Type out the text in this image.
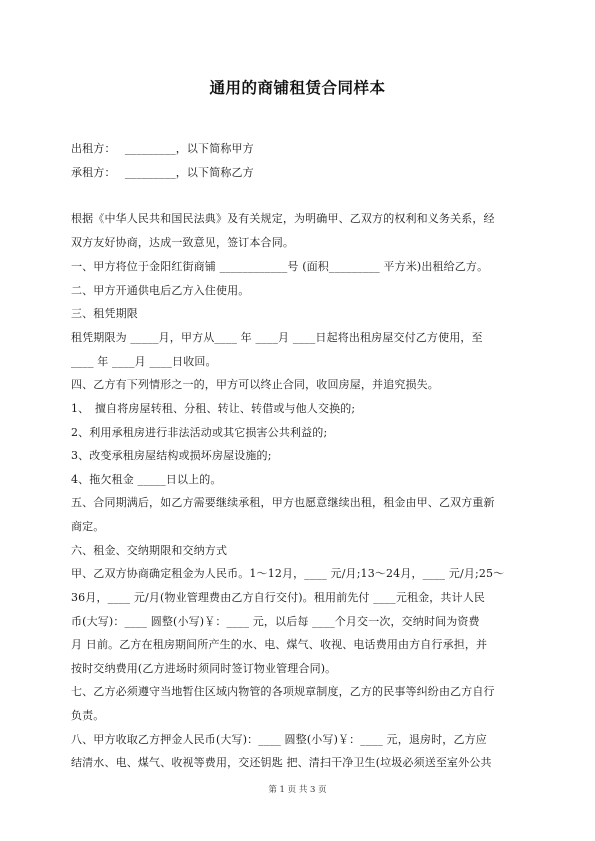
通用的商铺租赁合同样本
出租方：　 _________，以下简称甲方
承租方：　 _________，以下简称乙方
根据《中华人民共和国民法典》及有关规定，为明确甲、乙双方的权利和义务关系，经
双方友好协商，达成一致意见，签订本合同。
一、甲方将位于金阳红街商铺 ____________号 (面积_________ 平方米)出租给乙方。
二、甲方开通供电后乙方入住使用。
三、租凭期限
租凭期限为 _____月，甲方从____ 年 ____月 ____日起将出租房屋交付乙方使用，至
____ 年 ____月 ____日收回。
四、乙方有下列情形之一的，甲方可以终止合同，收回房屋，并追究损失。
1、　擅自将房屋转租、分租、转让、转借或与他人交换的;
2、利用承租房进行非法活动或其它损害公共利益的;
3、改变承租房屋结构或损坏房屋设施的;
4、拖欠租金 _____日以上的。
五、合同期满后，如乙方需要继续承租，甲方也愿意继续出租，租金由甲、乙双方重新
商定。
六、租金、交纳期限和交纳方式
甲、乙双方协商确定租金为人民币。1～12月，____ 元/月;13～24月，____ 元/月;25～
36月，____ 元/月(物业管理费由乙方自行交付)。租用前先付 ____元租金，共计人民
币(大写)：____ 圆整(小写)￥：____ 元，以后每 ____个月交一次，交纳时间为资费
月 日前。乙方在租房期间所产生的水、电、煤气、收视、电话费用由方自行承担，并
按时交纳费用(乙方进场时须同时签订物业管理合同)。
七、乙方必须遵守当地暂住区域内物管的各项规章制度，乙方的民事等纠纷由乙方自行
负责。
八、甲方收取乙方押金人民币(大写)：____ 圆整(小写)￥：____ 元，退房时，乙方应
结清水、电、煤气、收视等费用，交还钥匙 把、清扫干净卫生(垃圾必须送至室外公共
第 1 页 共 3 页
